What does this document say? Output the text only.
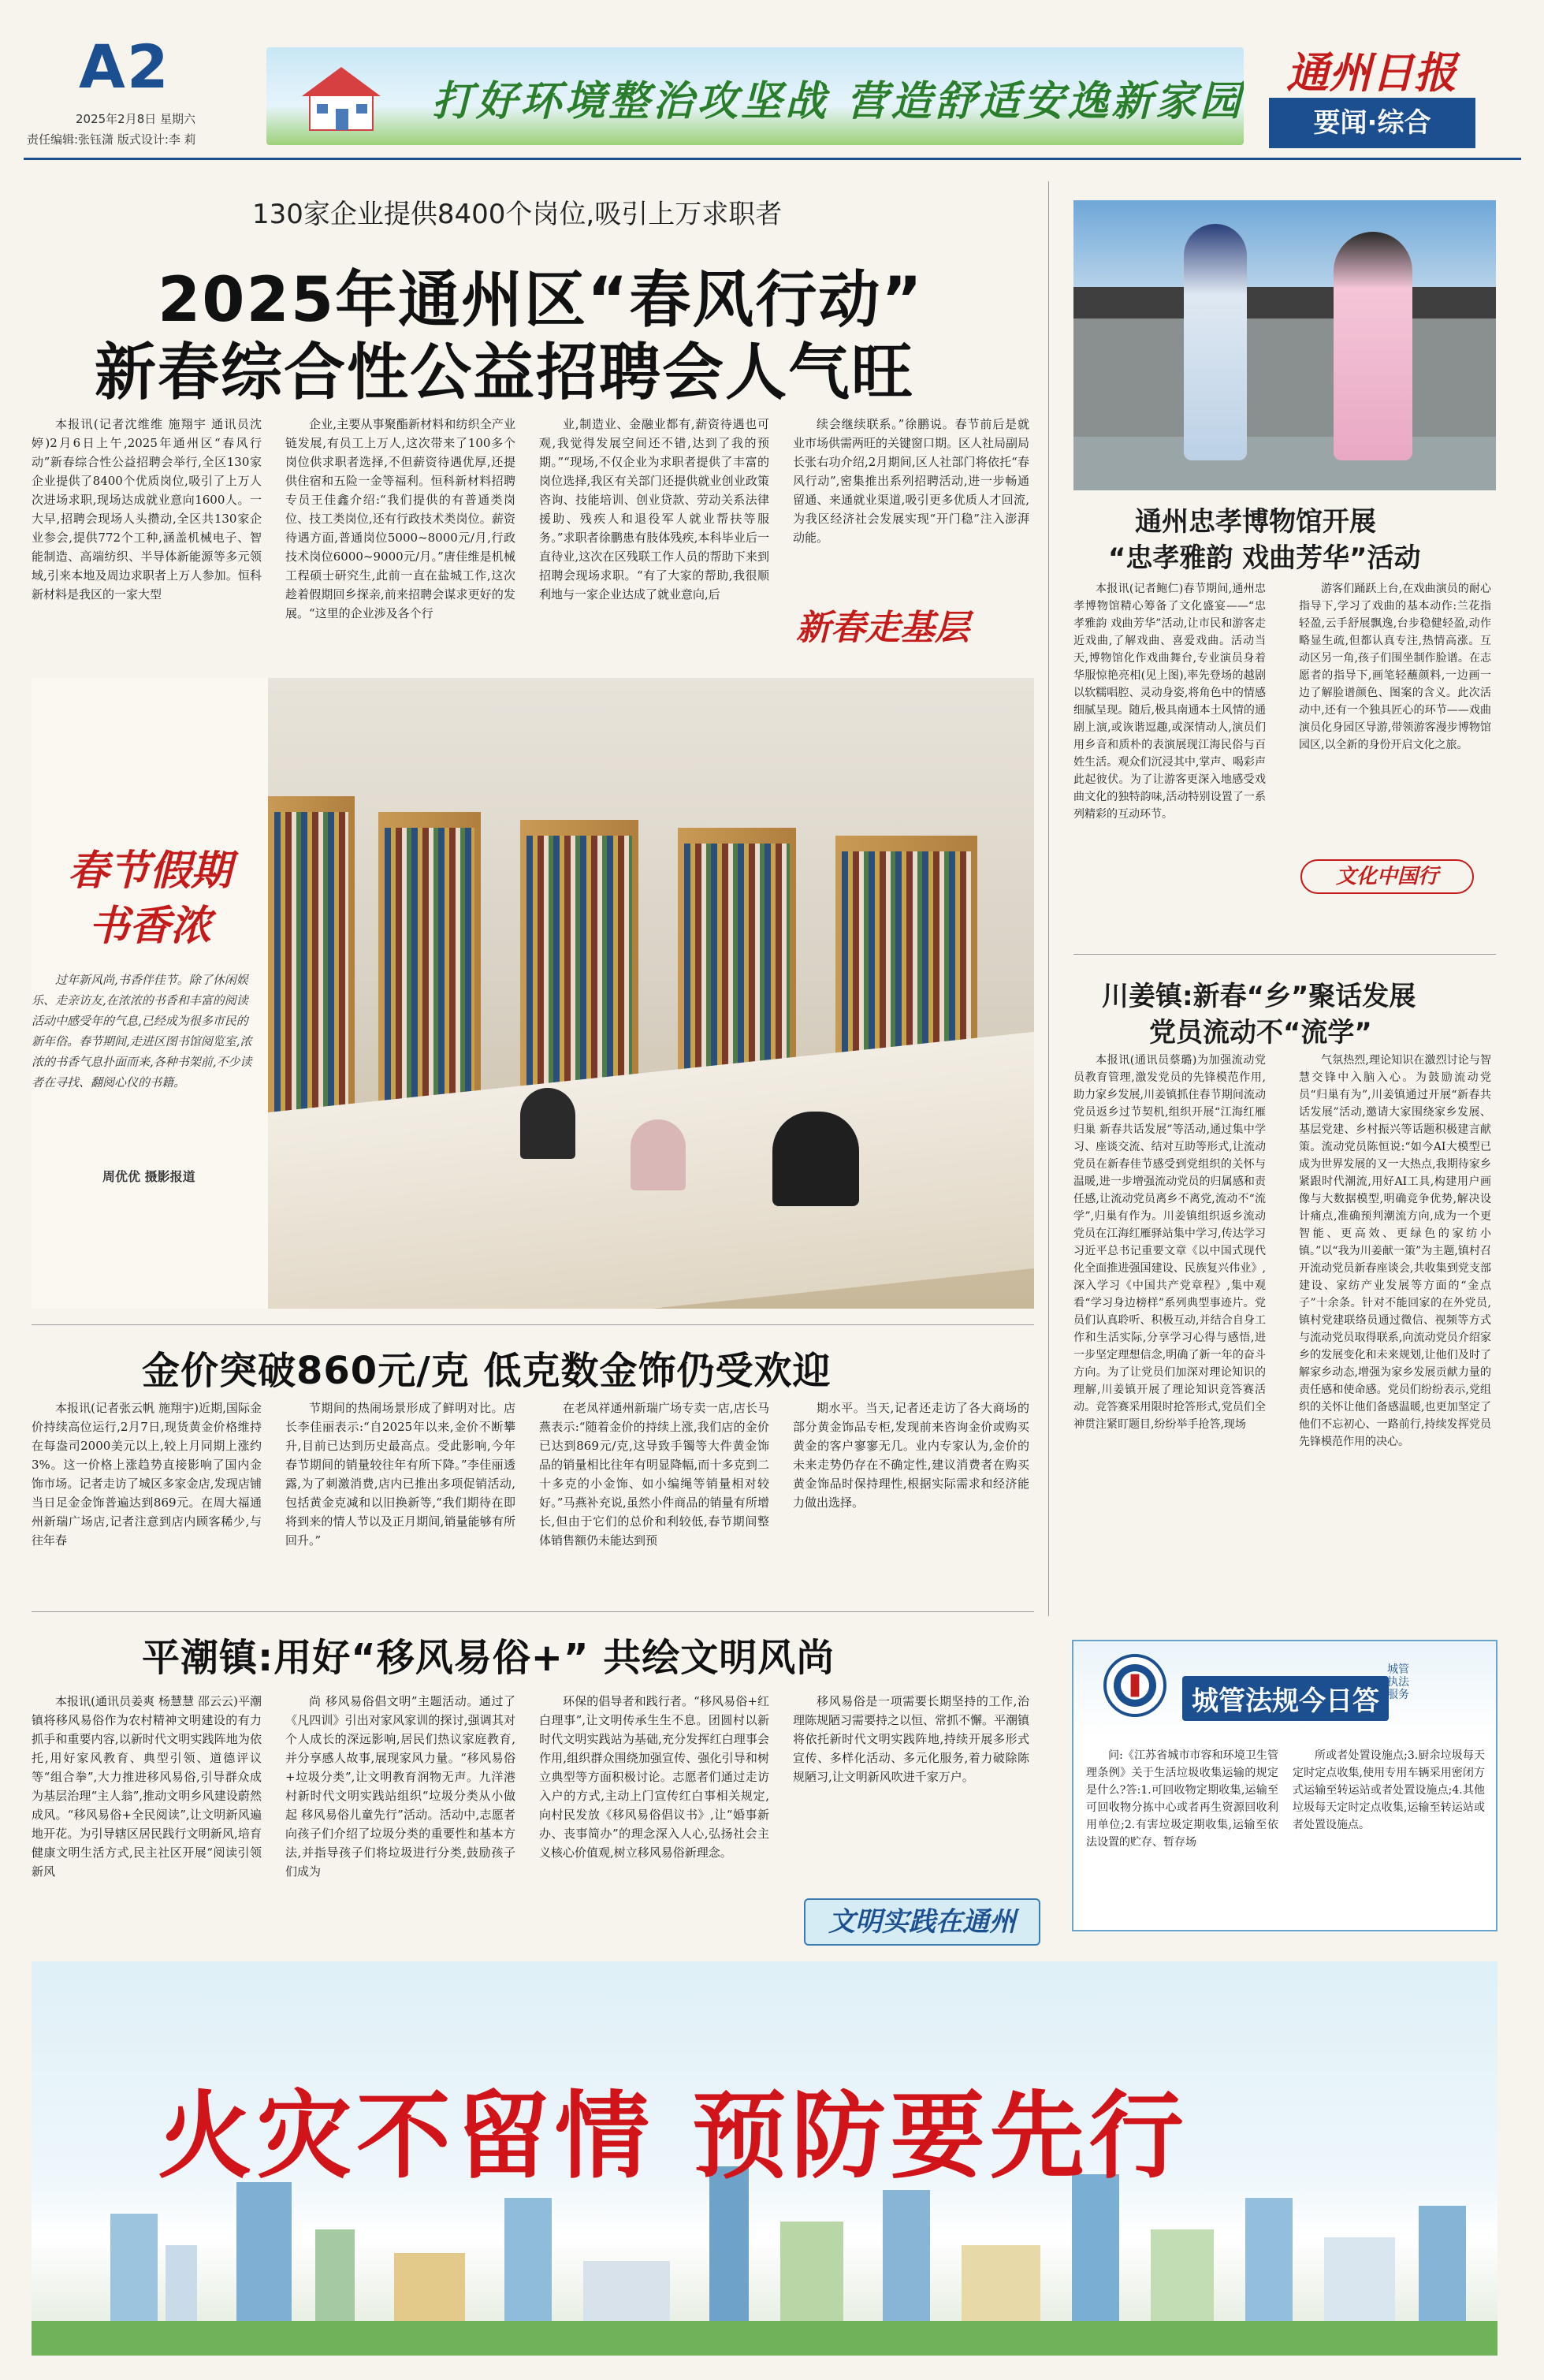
A2
2025年2月8日 星期六
责任编辑:张钰潇 版式设计:李 莉
打好环境整治攻坚战 营造舒适安逸新家园
通州日报
要闻·综合
130家企业提供8400个岗位,吸引上万求职者
2025年通州区“春风行动”
新春综合性公益招聘会人气旺

本报讯(记者沈维维 施翔宇 通讯员沈婷)2月6日上午,2025年通州区“春风行动”新春综合性公益招聘会举行,全区130家企业提供了8400个优质岗位,吸引了上万人次进场求职,现场达成就业意向1600人。一大早,招聘会现场人头攒动,全区共130家企业参会,提供772个工种,涵盖机械电子、智能制造、高端纺织、半导体新能源等多元领域,引来本地及周边求职者上万人参加。恒科新材料是我区的一家大型

企业,主要从事聚酯新材料和纺织全产业链发展,有员工上万人,这次带来了100多个岗位供求职者选择,不但薪资待遇优厚,还提供住宿和五险一金等福利。恒科新材料招聘专员王佳鑫介绍:“我们提供的有普通类岗位、技工类岗位,还有行政技术类岗位。薪资待遇方面,普通岗位5000~8000元/月,行政技术岗位6000~9000元/月。”唐佳维是机械工程硕士研究生,此前一直在盐城工作,这次趁着假期回乡探亲,前来招聘会谋求更好的发展。“这里的企业涉及各个行

业,制造业、金融业都有,薪资待遇也可观,我觉得发展空间还不错,达到了我的预期。”“现场,不仅企业为求职者提供了丰富的岗位选择,我区有关部门还提供就业创业政策咨询、技能培训、创业贷款、劳动关系法律援助、残疾人和退役军人就业帮扶等服务。”求职者徐鹏患有肢体残疾,本科毕业后一直待业,这次在区残联工作人员的帮助下来到招聘会现场求职。“有了大家的帮助,我很顺利地与一家企业达成了就业意向,后

续会继续联系。”徐鹏说。春节前后是就业市场供需两旺的关键窗口期。区人社局副局长张右功介绍,2月期间,区人社部门将依托“春风行动”,密集推出系列招聘活动,进一步畅通留通、来通就业渠道,吸引更多优质人才回流,为我区经济社会发展实现“开门稳”注入澎湃动能。

新春走基层
春节假期书香浓
过年新风尚,书香伴佳节。除了休闲娱乐、走亲访友,在浓浓的书香和丰富的阅读活动中感受年的气息,已经成为很多市民的新年俗。春节期间,走进区图书馆阅览室,浓浓的书香气息扑面而来,各种书架前,不少读者在寻找、翻阅心仪的书籍。
周优优 摄影报道
金价突破860元/克 低克数金饰仍受欢迎

本报讯(记者张云帆 施翔宇)近期,国际金价持续高位运行,2月7日,现货黄金价格维持在每盎司2000美元以上,较上月同期上涨约3%。这一价格上涨趋势直接影响了国内金饰市场。记者走访了城区多家金店,发现店铺当日足金金饰普遍达到869元。在周大福通州新瑞广场店,记者注意到店内顾客稀少,与往年春

节期间的热闹场景形成了鲜明对比。店长李佳丽表示:“自2025年以来,金价不断攀升,目前已达到历史最高点。受此影响,今年春节期间的销量较往年有所下降。”李佳丽透露,为了刺激消费,店内已推出多项促销活动,包括黄金克减和以旧换新等,“我们期待在即将到来的情人节以及正月期间,销量能够有所回升。”

在老凤祥通州新瑞广场专卖一店,店长马燕表示:“随着金价的持续上涨,我们店的金价已达到869元/克,这导致手镯等大件黄金饰品的销量相比往年有明显降幅,而十多克到二十多克的小金饰、如小编绳等销量相对较好。”马燕补充说,虽然小件商品的销量有所增长,但由于它们的总价和利较低,春节期间整体销售额仍未能达到预

期水平。当天,记者还走访了各大商场的部分黄金饰品专柜,发现前来咨询金价或购买黄金的客户寥寥无几。业内专家认为,金价的未来走势仍存在不确定性,建议消费者在购买黄金饰品时保持理性,根据实际需求和经济能力做出选择。

平潮镇:用好“移风易俗+” 共绘文明风尚

本报讯(通讯员姜爽 杨慧慧 邵云云)平潮镇将移风易俗作为农村精神文明建设的有力抓手和重要内容,以新时代文明实践阵地为依托,用好家风教育、典型引领、道德评议等“组合拳”,大力推进移风易俗,引导群众成为基层治理“主人翁”,推动文明乡风建设蔚然成风。“移风易俗+全民阅读”,让文明新风遍地开花。为引导辖区居民践行文明新风,培育健康文明生活方式,民主社区开展“阅读引领新风

尚 移风易俗倡文明”主题活动。通过了《凡四训》引出对家风家训的探讨,强调其对个人成长的深远影响,居民们热议家庭教育,并分享感人故事,展现家风力量。“移风易俗+垃圾分类”,让文明教育润物无声。九洋港村新时代文明实践站组织“垃圾分类从小做起 移风易俗儿童先行”活动。活动中,志愿者向孩子们介绍了垃圾分类的重要性和基本方法,并指导孩子们将垃圾进行分类,鼓励孩子们成为

环保的倡导者和践行者。“移风易俗+红白理事”,让文明传承生生不息。团圆村以新时代文明实践站为基础,充分发挥红白理事会作用,组织群众围绕加强宣传、强化引导和树立典型等方面积极讨论。志愿者们通过走访入户的方式,主动上门宣传红白事相关规定,向村民发放《移风易俗倡议书》,让“婚事新办、丧事简办”的理念深入人心,弘扬社会主义核心价值观,树立移风易俗新理念。

移风易俗是一项需要长期坚持的工作,治理陈规陋习需要持之以恒、常抓不懈。平潮镇将依托新时代文明实践阵地,持续开展多形式宣传、多样化活动、多元化服务,着力破除陈规陋习,让文明新风吹进千家万户。

文明实践在通州
通州忠孝博物馆开展
“忠孝雅韵 戏曲芳华”活动

本报讯(记者鲍仁)春节期间,通州忠孝博物馆精心筹备了文化盛宴——“忠孝雅韵 戏曲芳华”活动,让市民和游客走近戏曲,了解戏曲、喜爱戏曲。活动当天,博物馆化作戏曲舞台,专业演员身着华服惊艳亮相(见上图),率先登场的越剧以软糯唱腔、灵动身姿,将角色中的情感细腻呈现。随后,极具南通本土风情的通剧上演,或诙谐逗趣,或深情动人,演员们用乡音和质朴的表演展现江海民俗与百姓生活。观众们沉浸其中,掌声、喝彩声此起彼伏。为了让游客更深入地感受戏曲文化的独特韵味,活动特别设置了一系列精彩的互动环节。

游客们踊跃上台,在戏曲演员的耐心指导下,学习了戏曲的基本动作:兰花指轻盈,云手舒展飘逸,台步稳健轻盈,动作略显生疏,但都认真专注,热情高涨。互动区另一角,孩子们围坐制作脸谱。在志愿者的指导下,画笔轻蘸颜料,一边画一边了解脸谱颜色、图案的含义。此次活动中,还有一个独具匠心的环节——戏曲演员化身园区导游,带领游客漫步博物馆园区,以全新的身份开启文化之旅。

文化中国行
川姜镇:新春“乡”聚话发展
党员流动不“流学”

本报讯(通讯员蔡璐)为加强流动党员教育管理,激发党员的先锋模范作用,助力家乡发展,川姜镇抓住春节期间流动党员返乡过节契机,组织开展“江海红雁归巢 新春共话发展”等活动,通过集中学习、座谈交流、结对互助等形式,让流动党员在新春佳节感受到党组织的关怀与温暖,进一步增强流动党员的归属感和责任感,让流动党员离乡不离党,流动不“流学”,归巢有作为。川姜镇组织返乡流动党员在江海红雁驿站集中学习,传达学习习近平总书记重要文章《以中国式现代化全面推进强国建设、民族复兴伟业》,深入学习《中国共产党章程》,集中观看“学习身边榜样”系列典型事迹片。党员们认真聆听、积极互动,并结合自身工作和生活实际,分享学习心得与感悟,进一步坚定理想信念,明确了新一年的奋斗方向。为了让党员们加深对理论知识的理解,川姜镇开展了理论知识竞答赛活动。竞答赛采用限时抢答形式,党员们全神贯注紧盯题目,纷纷举手抢答,现场

气氛热烈,理论知识在激烈讨论与智慧交锋中入脑入心。为鼓励流动党员“归巢有为”,川姜镇通过开展“新春共话发展”活动,邀请大家围绕家乡发展、基层党建、乡村振兴等话题积极建言献策。流动党员陈恒说:“如今AI大模型已成为世界发展的又一大热点,我期待家乡紧跟时代潮流,用好AI工具,构建用户画像与大数据模型,明确竞争优势,解决设计痛点,准确预判潮流方向,成为一个更智能、更高效、更绿色的家纺小镇。”以“我为川姜献一策”为主题,镇村召开流动党员新春座谈会,共收集到党支部建设、家纺产业发展等方面的“金点子”十余条。针对不能回家的在外党员,镇村党建联络员通过微信、视频等方式与流动党员取得联系,向流动党员介绍家乡的发展变化和未来规划,让他们及时了解家乡动态,增强为家乡发展贡献力量的责任感和使命感。党员们纷纷表示,党组织的关怀让他们备感温暖,也更加坚定了他们不忘初心、一路前行,持续发挥党员先锋模范作用的决心。

城管法规今日答
城管执法服务

问:《江苏省城市市容和环境卫生管理条例》关于生活垃圾收集运输的规定是什么?答:1.可回收物定期收集,运输至可回收物分拣中心或者再生资源回收利用单位;2.有害垃圾定期收集,运输至依法设置的贮存、暂存场

所或者处置设施点;3.厨余垃圾每天定时定点收集,使用专用车辆采用密闭方式运输至转运站或者处置设施点;4.其他垃圾每天定时定点收集,运输至转运站或者处置设施点。

火灾不留情 预防要先行
